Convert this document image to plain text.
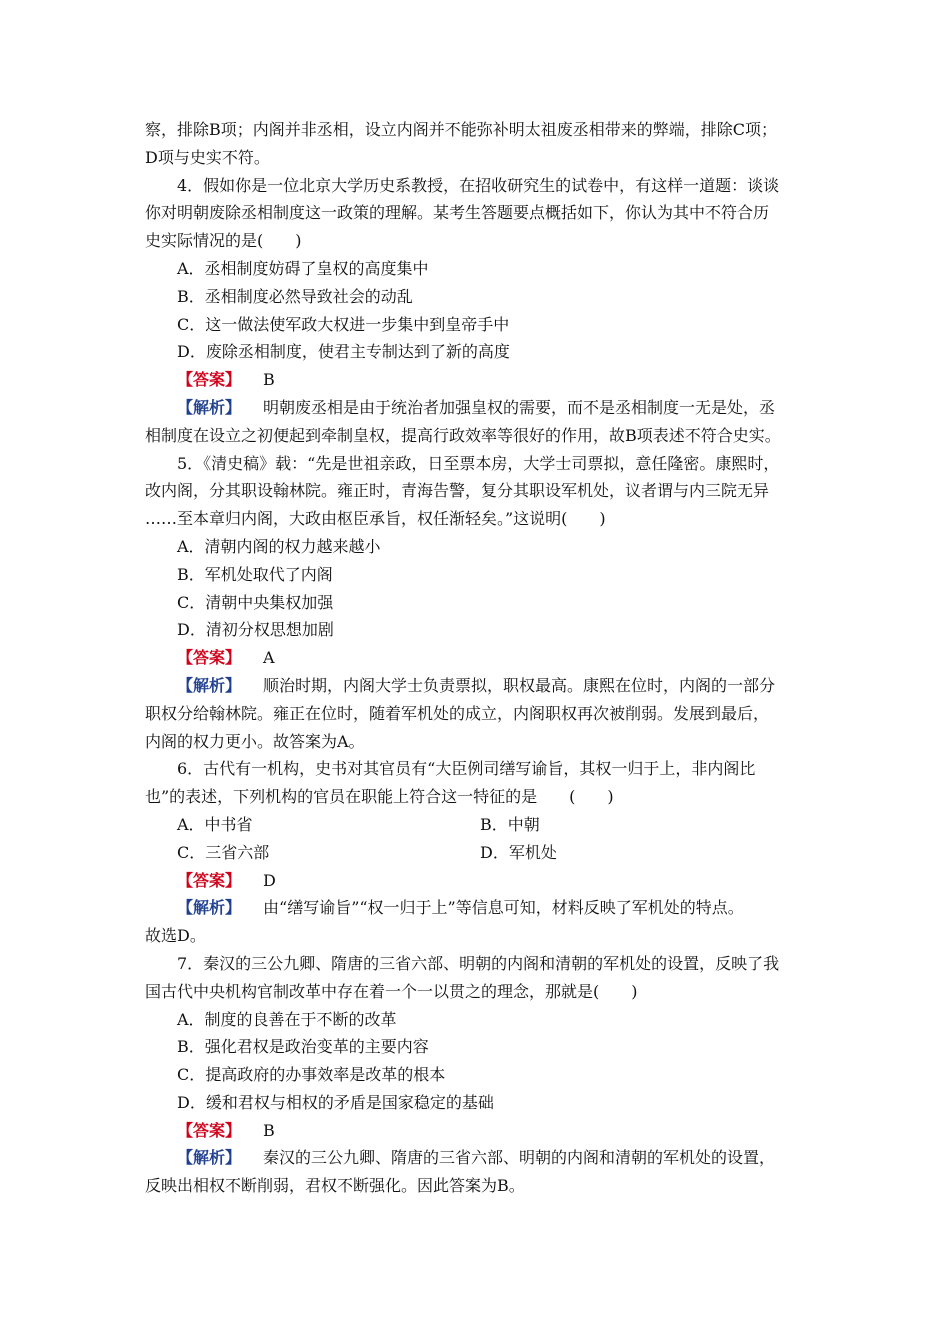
察，排除B项；内阁并非丞相，设立内阁并不能弥补明太祖废丞相带来的弊端，排除C项；
D项与史实不符。
4．假如你是一位北京大学历史系教授，在招收研究生的试卷中，有这样一道题：谈谈
你对明朝废除丞相制度这一政策的理解。某考生答题要点概括如下，你认为其中不符合历
史实际情况的是(　　)
A．丞相制度妨碍了皇权的高度集中
B．丞相制度必然导致社会的动乱
C．这一做法使军政大权进一步集中到皇帝手中
D．废除丞相制度，使君主专制达到了新的高度
【答案】 B
【解析】 明朝废丞相是由于统治者加强皇权的需要，而不是丞相制度一无是处，丞
相制度在设立之初便起到牵制皇权，提高行政效率等很好的作用，故B项表述不符合史实。
5．《清史稿》载：“先是世祖亲政，日至票本房，大学士司票拟，意任隆密。康熙时，
改内阁，分其职设翰林院。雍正时，青海告警，复分其职设军机处，议者谓与内三院无异
……至本章归内阁，大政由枢臣承旨，权任渐轻矣。”这说明(　　)
A．清朝内阁的权力越来越小
B．军机处取代了内阁
C．清朝中央集权加强
D．清初分权思想加剧
【答案】 A
【解析】 顺治时期，内阁大学士负责票拟，职权最高。康熙在位时，内阁的一部分
职权分给翰林院。雍正在位时，随着军机处的成立，内阁职权再次被削弱。发展到最后，
内阁的权力更小。故答案为A。
6．古代有一机构，史书对其官员有“大臣例司缮写谕旨，其权一归于上，非内阁比
也”的表述，下列机构的官员在职能上符合这一特征的是　　(　　)
A．中书省	B．中朝
C．三省六部	D．军机处
【答案】 D
【解析】 由“缮写谕旨”“权一归于上”等信息可知，材料反映了军机处的特点。
故选D。
7．秦汉的三公九卿、隋唐的三省六部、明朝的内阁和清朝的军机处的设置，反映了我
国古代中央机构官制改革中存在着一个一以贯之的理念，那就是(　　)
A．制度的良善在于不断的改革
B．强化君权是政治变革的主要内容
C．提高政府的办事效率是改革的根本
D．缓和君权与相权的矛盾是国家稳定的基础
【答案】 B
【解析】 秦汉的三公九卿、隋唐的三省六部、明朝的内阁和清朝的军机处的设置，
反映出相权不断削弱，君权不断强化。因此答案为B。
